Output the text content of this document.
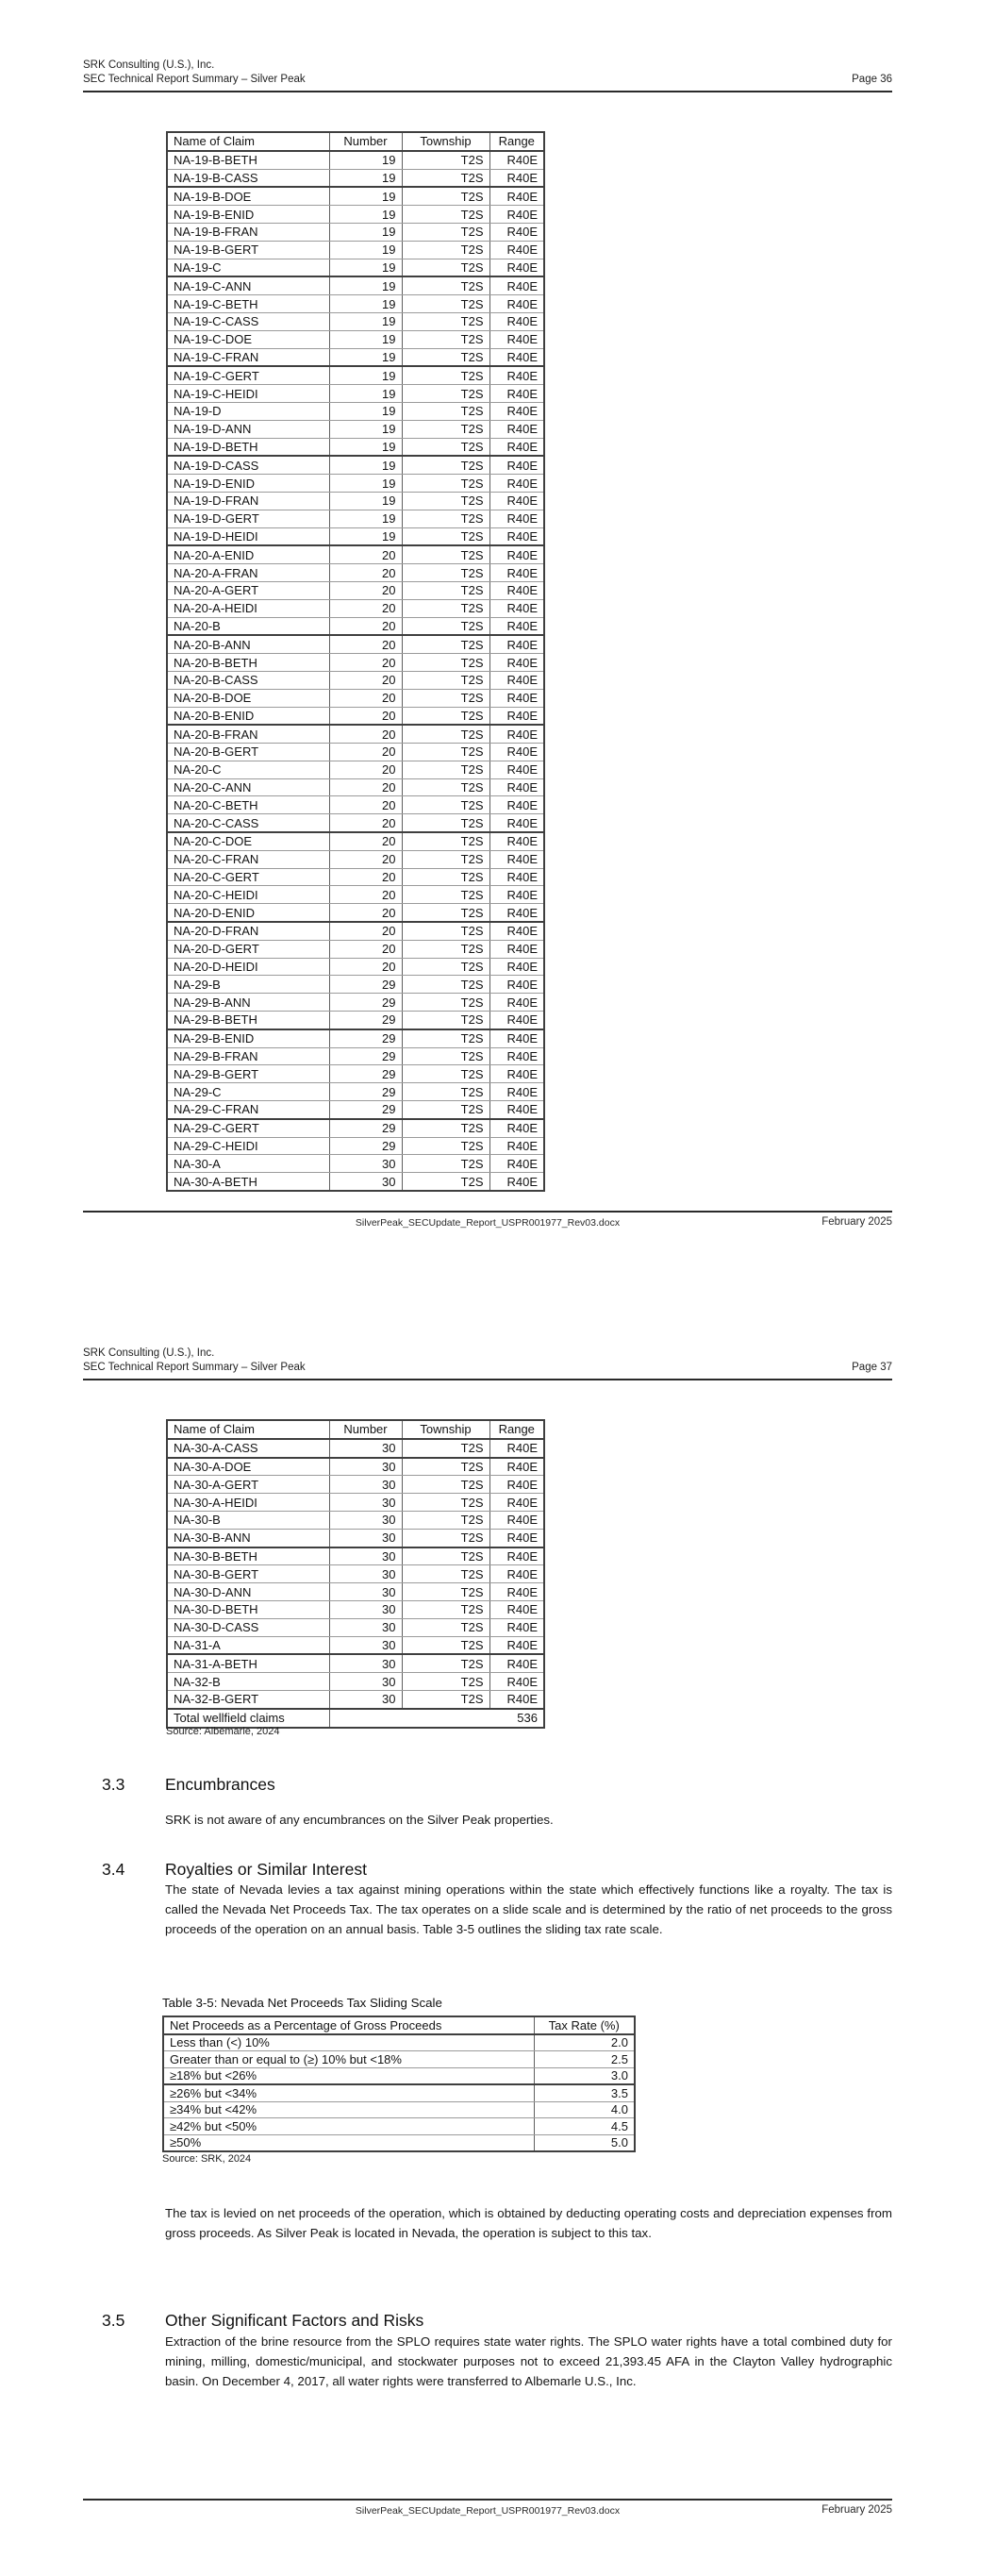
SRK Consulting (U.S.), Inc.
SEC Technical Report Summary – Silver Peak	Page 36
Name of Claim	Number	Township	Range
NA-19-B-BETH	19	T2S	R40E
NA-19-B-CASS	19	T2S	R40E
NA-19-B-DOE	19	T2S	R40E
NA-19-B-ENID	19	T2S	R40E
NA-19-B-FRAN	19	T2S	R40E
NA-19-B-GERT	19	T2S	R40E
NA-19-C	19	T2S	R40E
NA-19-C-ANN	19	T2S	R40E
NA-19-C-BETH	19	T2S	R40E
NA-19-C-CASS	19	T2S	R40E
NA-19-C-DOE	19	T2S	R40E
NA-19-C-FRAN	19	T2S	R40E
NA-19-C-GERT	19	T2S	R40E
NA-19-C-HEIDI	19	T2S	R40E
NA-19-D	19	T2S	R40E
NA-19-D-ANN	19	T2S	R40E
NA-19-D-BETH	19	T2S	R40E
NA-19-D-CASS	19	T2S	R40E
NA-19-D-ENID	19	T2S	R40E
NA-19-D-FRAN	19	T2S	R40E
NA-19-D-GERT	19	T2S	R40E
NA-19-D-HEIDI	19	T2S	R40E
NA-20-A-ENID	20	T2S	R40E
NA-20-A-FRAN	20	T2S	R40E
NA-20-A-GERT	20	T2S	R40E
NA-20-A-HEIDI	20	T2S	R40E
NA-20-B	20	T2S	R40E
NA-20-B-ANN	20	T2S	R40E
NA-20-B-BETH	20	T2S	R40E
NA-20-B-CASS	20	T2S	R40E
NA-20-B-DOE	20	T2S	R40E
NA-20-B-ENID	20	T2S	R40E
NA-20-B-FRAN	20	T2S	R40E
NA-20-B-GERT	20	T2S	R40E
NA-20-C	20	T2S	R40E
NA-20-C-ANN	20	T2S	R40E
NA-20-C-BETH	20	T2S	R40E
NA-20-C-CASS	20	T2S	R40E
NA-20-C-DOE	20	T2S	R40E
NA-20-C-FRAN	20	T2S	R40E
NA-20-C-GERT	20	T2S	R40E
NA-20-C-HEIDI	20	T2S	R40E
NA-20-D-ENID	20	T2S	R40E
NA-20-D-FRAN	20	T2S	R40E
NA-20-D-GERT	20	T2S	R40E
NA-20-D-HEIDI	20	T2S	R40E
NA-29-B	29	T2S	R40E
NA-29-B-ANN	29	T2S	R40E
NA-29-B-BETH	29	T2S	R40E
NA-29-B-ENID	29	T2S	R40E
NA-29-B-FRAN	29	T2S	R40E
NA-29-B-GERT	29	T2S	R40E
NA-29-C	29	T2S	R40E
NA-29-C-FRAN	29	T2S	R40E
NA-29-C-GERT	29	T2S	R40E
NA-29-C-HEIDI	29	T2S	R40E
NA-30-A	30	T2S	R40E
NA-30-A-BETH	30	T2S	R40E
SilverPeak_SECUpdate_Report_USPR001977_Rev03.docx	February 2025
SRK Consulting (U.S.), Inc.
SEC Technical Report Summary – Silver Peak	Page 37
Name of Claim	Number	Township	Range
NA-30-A-CASS	30	T2S	R40E
NA-30-A-DOE	30	T2S	R40E
NA-30-A-GERT	30	T2S	R40E
NA-30-A-HEIDI	30	T2S	R40E
NA-30-B	30	T2S	R40E
NA-30-B-ANN	30	T2S	R40E
NA-30-B-BETH	30	T2S	R40E
NA-30-B-GERT	30	T2S	R40E
NA-30-D-ANN	30	T2S	R40E
NA-30-D-BETH	30	T2S	R40E
NA-30-D-CASS	30	T2S	R40E
NA-31-A	30	T2S	R40E
NA-31-A-BETH	30	T2S	R40E
NA-32-B	30	T2S	R40E
NA-32-B-GERT	30	T2S	R40E
Total wellfield claims	536		
Source: Albemarle, 2024
3.3 Encumbrances
SRK is not aware of any encumbrances on the Silver Peak properties.
3.4 Royalties or Similar Interest
The state of Nevada levies a tax against mining operations within the state which effectively functions like a royalty. The tax is called the Nevada Net Proceeds Tax. The tax operates on a slide scale and is determined by the ratio of net proceeds to the gross proceeds of the operation on an annual basis. Table 3-5 outlines the sliding tax rate scale.
Table 3-5: Nevada Net Proceeds Tax Sliding Scale
Net Proceeds as a Percentage of Gross Proceeds	Tax Rate (%)
Less than (<) 10%	2.0
Greater than or equal to (≥) 10% but <18%	2.5
≥18% but <26%	3.0
≥26% but <34%	3.5
≥34% but <42%	4.0
≥42% but <50%	4.5
≥50%	5.0
Source: SRK, 2024
The tax is levied on net proceeds of the operation, which is obtained by deducting operating costs and depreciation expenses from gross proceeds. As Silver Peak is located in Nevada, the operation is subject to this tax.
3.5 Other Significant Factors and Risks
Extraction of the brine resource from the SPLO requires state water rights. The SPLO water rights have a total combined duty for mining, milling, domestic/municipal, and stockwater purposes not to exceed 21,393.45 AFA in the Clayton Valley hydrographic basin. On December 4, 2017, all water rights were transferred to Albemarle U.S., Inc.
SilverPeak_SECUpdate_Report_USPR001977_Rev03.docx	February 2025
